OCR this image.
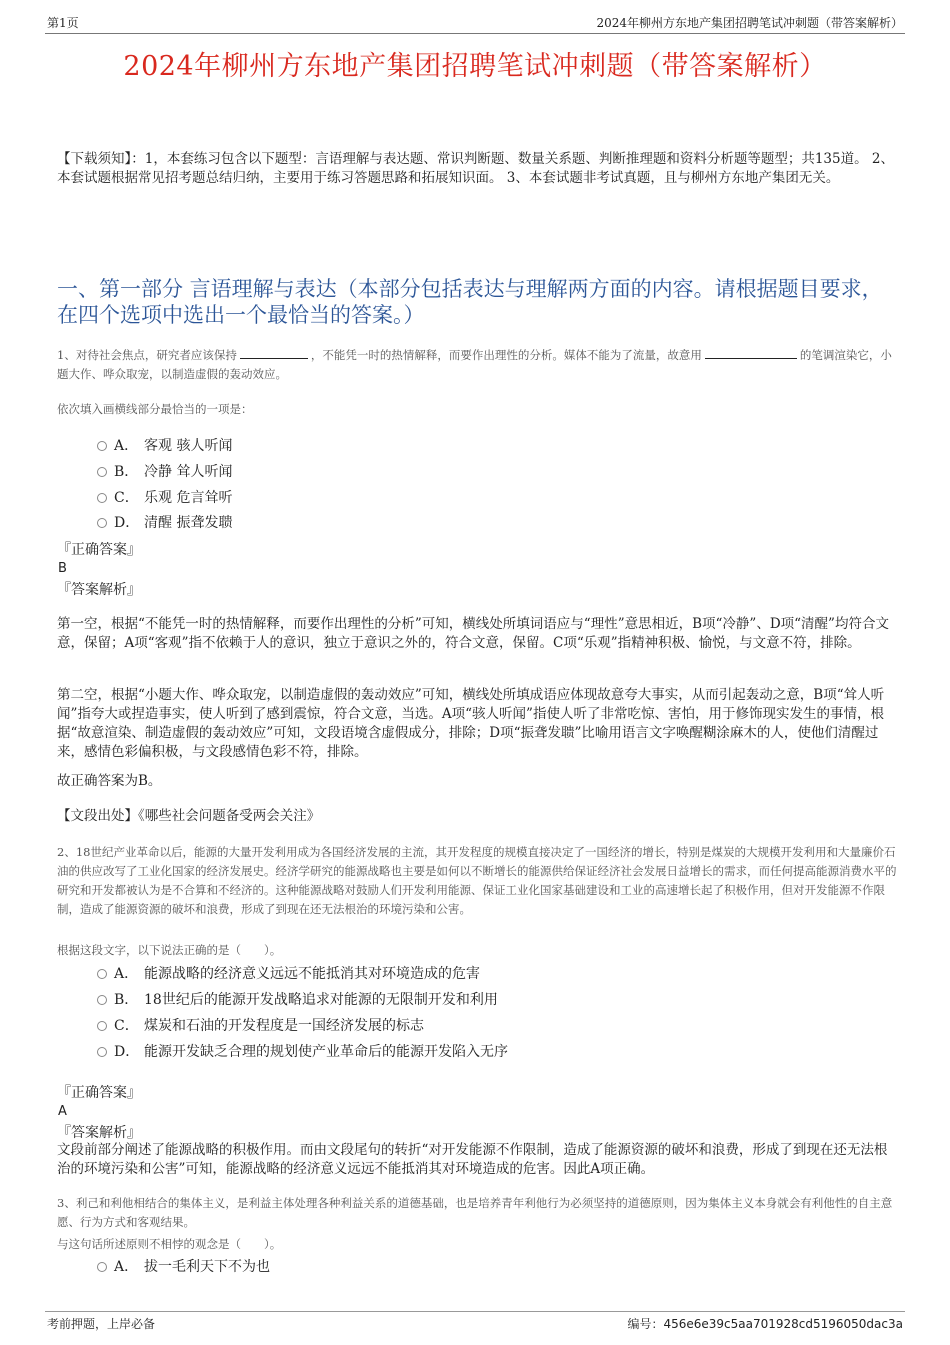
第1页	2024年柳州方东地产集团招聘笔试冲刺题（带答案解析）
2024年柳州方东地产集团招聘笔试冲刺题（带答案解析）
【下载须知】：1，本套练习包含以下题型：言语理解与表达题、常识判断题、数量关系题、判断推理题和资料分析题等题型；共135道。 2、本套试题根据常见招考题总结归纳，主要用于练习答题思路和拓展知识面。 3、本套试题非考试真题，且与柳州方东地产集团无关。
一、第一部分 言语理解与表达（本部分包括表达与理解两方面的内容。请根据题目要求，在四个选项中选出一个最恰当的答案。）
1、对待社会焦点，研究者应该保持	，不能凭一时的热情解释，而要作出理性的分析。媒体不能为了流量，故意用	的笔调渲染它，小题大作、哗众取宠，以制造虚假的轰动效应。
依次填入画横线部分最恰当的一项是：
A． 客观 骇人听闻
B． 冷静 耸人听闻
C． 乐观 危言耸听
D． 清醒 振聋发聩
『正确答案』
B
『答案解析』
第一空，根据“不能凭一时的热情解释，而要作出理性的分析”可知，横线处所填词语应与“理性”意思相近，B项“冷静”、D项“清醒”均符合文意，保留；A项“客观”指不依赖于人的意识，独立于意识之外的，符合文意，保留。C项“乐观”指精神积极、愉悦，与文意不符，排除。
第二空，根据“小题大作、哗众取宠，以制造虚假的轰动效应”可知，横线处所填成语应体现故意夸大事实，从而引起轰动之意，B项“耸人听闻”指夸大或捏造事实，使人听到了感到震惊，符合文意，当选。A项“骇人听闻”指使人听了非常吃惊、害怕，用于修饰现实发生的事情，根据“故意渲染、制造虚假的轰动效应”可知，文段语境含虚假成分，排除；D项“振聋发聩”比喻用语言文字唤醒糊涂麻木的人，使他们清醒过来，感情色彩偏积极，与文段感情色彩不符，排除。
故正确答案为B。
【文段出处】《哪些社会问题备受两会关注》
2、18世纪产业革命以后，能源的大量开发利用成为各国经济发展的主流，其开发程度的规模直接决定了一国经济的增长，特别是煤炭的大规模开发利用和大量廉价石油的供应改写了工业化国家的经济发展史。经济学研究的能源战略也主要是如何以不断增长的能源供给保证经济社会发展日益增长的需求，而任何提高能源消费水平的研究和开发都被认为是不合算和不经济的。这种能源战略对鼓励人们开发利用能源、保证工业化国家基础建设和工业的高速增长起了积极作用，但对开发能源不作限制，造成了能源资源的破坏和浪费，形成了到现在还无法根治的环境污染和公害。
根据这段文字，以下说法正确的是（　　）。
A． 能源战略的经济意义远远不能抵消其对环境造成的危害
B． 18世纪后的能源开发战略追求对能源的无限制开发和利用
C． 煤炭和石油的开发程度是一国经济发展的标志
D． 能源开发缺乏合理的规划使产业革命后的能源开发陷入无序
『正确答案』
A
『答案解析』
文段前部分阐述了能源战略的积极作用。而由文段尾句的转折“对开发能源不作限制，造成了能源资源的破坏和浪费，形成了到现在还无法根治的环境污染和公害”可知，能源战略的经济意义远远不能抵消其对环境造成的危害。因此A项正确。
3、利己和利他相结合的集体主义，是利益主体处理各种利益关系的道德基础，也是培养青年利他行为必须坚持的道德原则，因为集体主义本身就会有利他性的自主意愿、行为方式和客观结果。
与这句话所述原则不相悖的观念是（　　）。
A． 拔一毛利天下不为也
考前押题，上岸必备	编号：456e6e39c5aa701928cd5196050dac3a
